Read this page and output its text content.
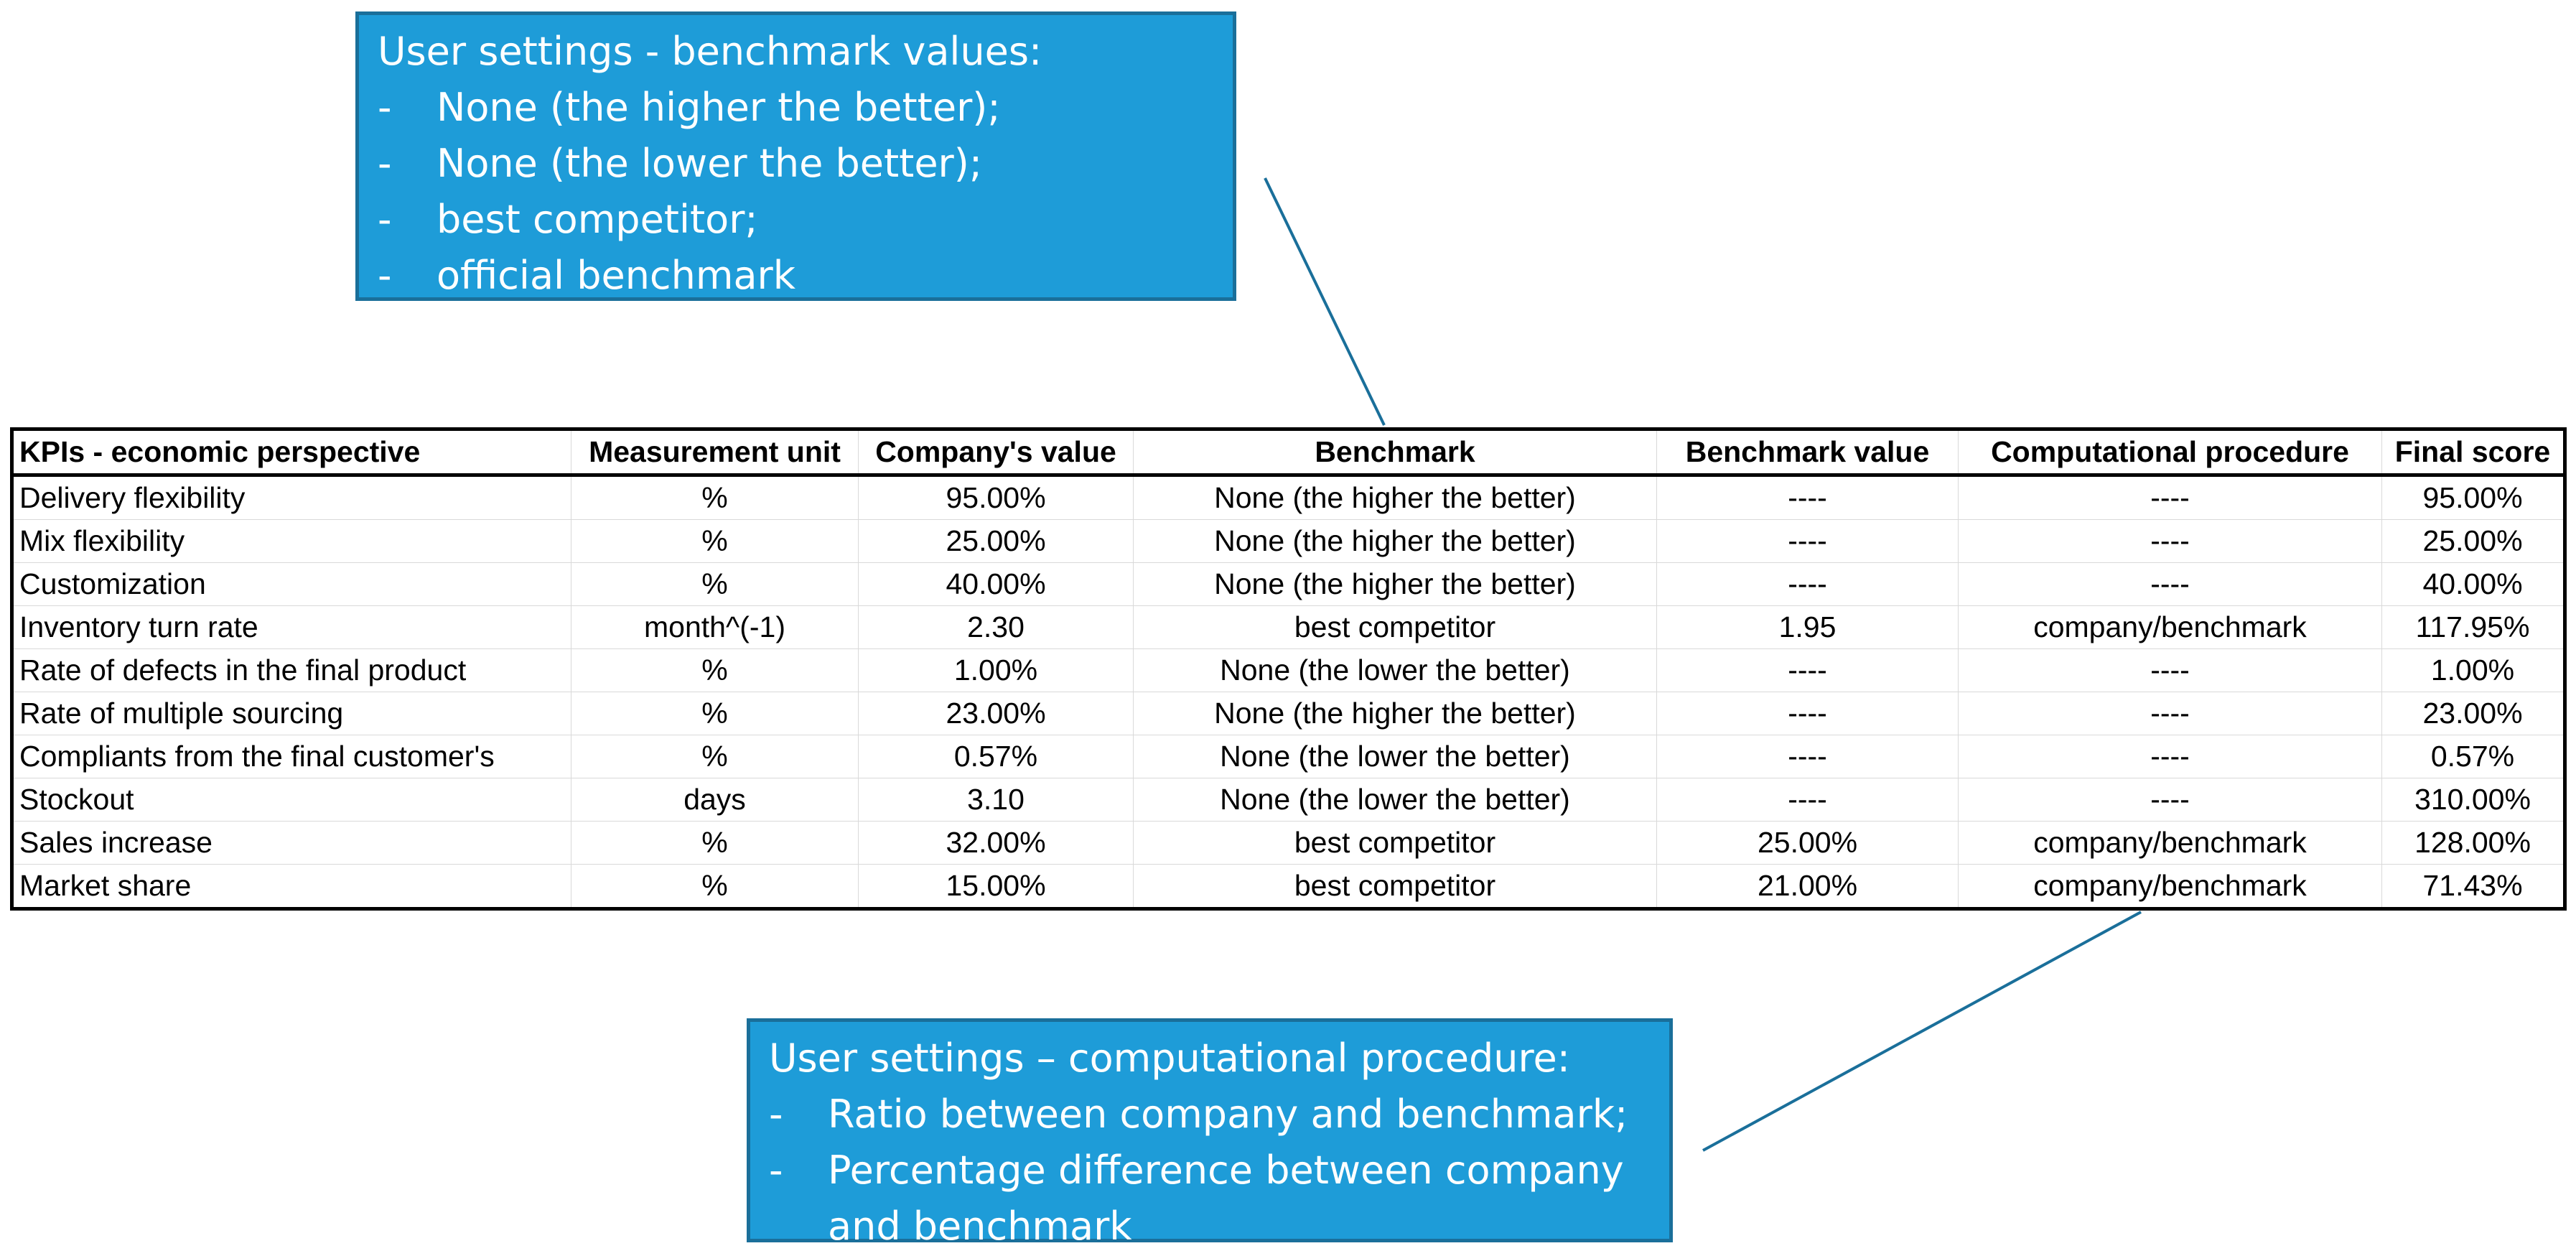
User settings - benchmark values:
-	None (the higher the better);
-	None (the lower the better);
-	best competitor;
-	official benchmark
KPIs - economic perspective	Measurement unit	Company's value	Benchmark	Benchmark value	Computational procedure	Final score
Delivery flexibility	%	95.00%	None (the higher the better)	----	----	95.00%
Mix flexibility	%	25.00%	None (the higher the better)	----	----	25.00%
Customization	%	40.00%	None (the higher the better)	----	----	40.00%
Inventory turn rate	month^(-1)	2.30	best competitor	1.95	company/benchmark	117.95%
Rate of defects in the final product	%	1.00%	None (the lower the better)	----	----	1.00%
Rate of multiple sourcing	%	23.00%	None (the higher the better)	----	----	23.00%
Compliants from the final customer's	%	0.57%	None (the lower the better)	----	----	0.57%
Stockout	days	3.10	None (the lower the better)	----	----	310.00%
Sales increase	%	32.00%	best competitor	25.00%	company/benchmark	128.00%
Market share	%	15.00%	best competitor	21.00%	company/benchmark	71.43%
User settings – computational procedure:
-	Ratio between company and benchmark;
-	Percentage difference between company and benchmark
